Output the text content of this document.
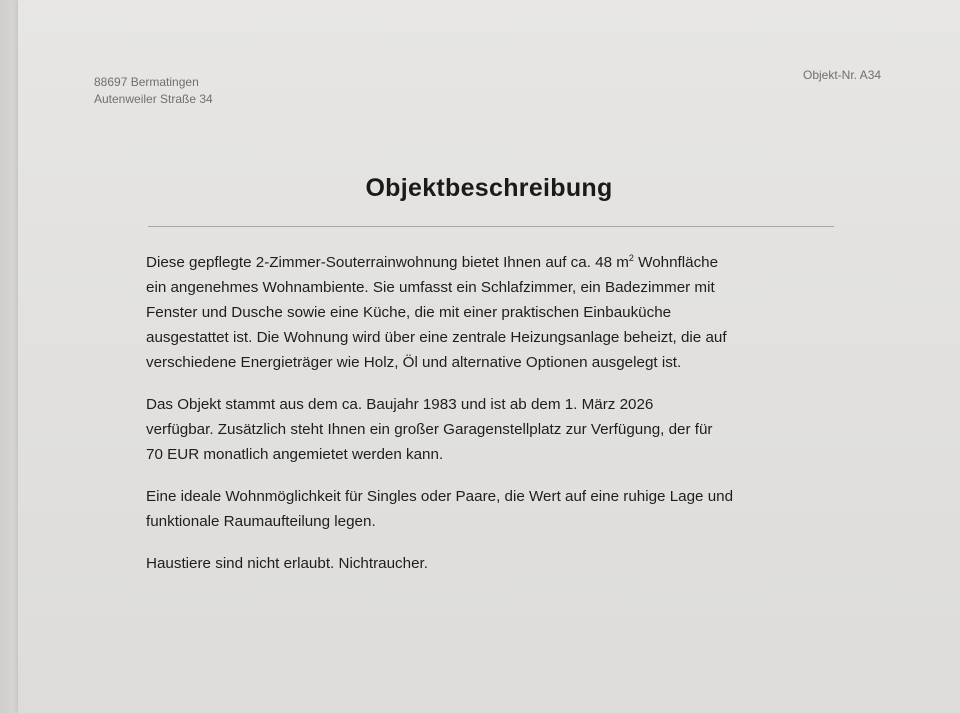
88697 Bermatingen
Autenweiler Straße 34
Objekt-Nr. A34
Objektbeschreibung

Diese gepflegte 2-Zimmer-Souterrainwohnung bietet Ihnen auf ca. 48 $m^2$ Wohnfläche
ein angenehmes Wohnambiente. Sie umfasst ein Schlafzimmer, ein Badezimmer mit
Fenster und Dusche sowie eine Küche, die mit einer praktischen Einbauküche
ausgestattet ist. Die Wohnung wird über eine zentrale Heizungsanlage beheizt, die auf
verschiedene Energieträger wie Holz, Öl und alternative Optionen ausgelegt ist.

Das Objekt stammt aus dem ca. Baujahr 1983 und ist ab dem 1. März 2026
verfügbar. Zusätzlich steht Ihnen ein großer Garagenstellplatz zur Verfügung, der für
70 EUR monatlich angemietet werden kann.

Eine ideale Wohnmöglichkeit für Singles oder Paare, die Wert auf eine ruhige Lage und
funktionale Raumaufteilung legen.

Haustiere sind nicht erlaubt. Nichtraucher.
